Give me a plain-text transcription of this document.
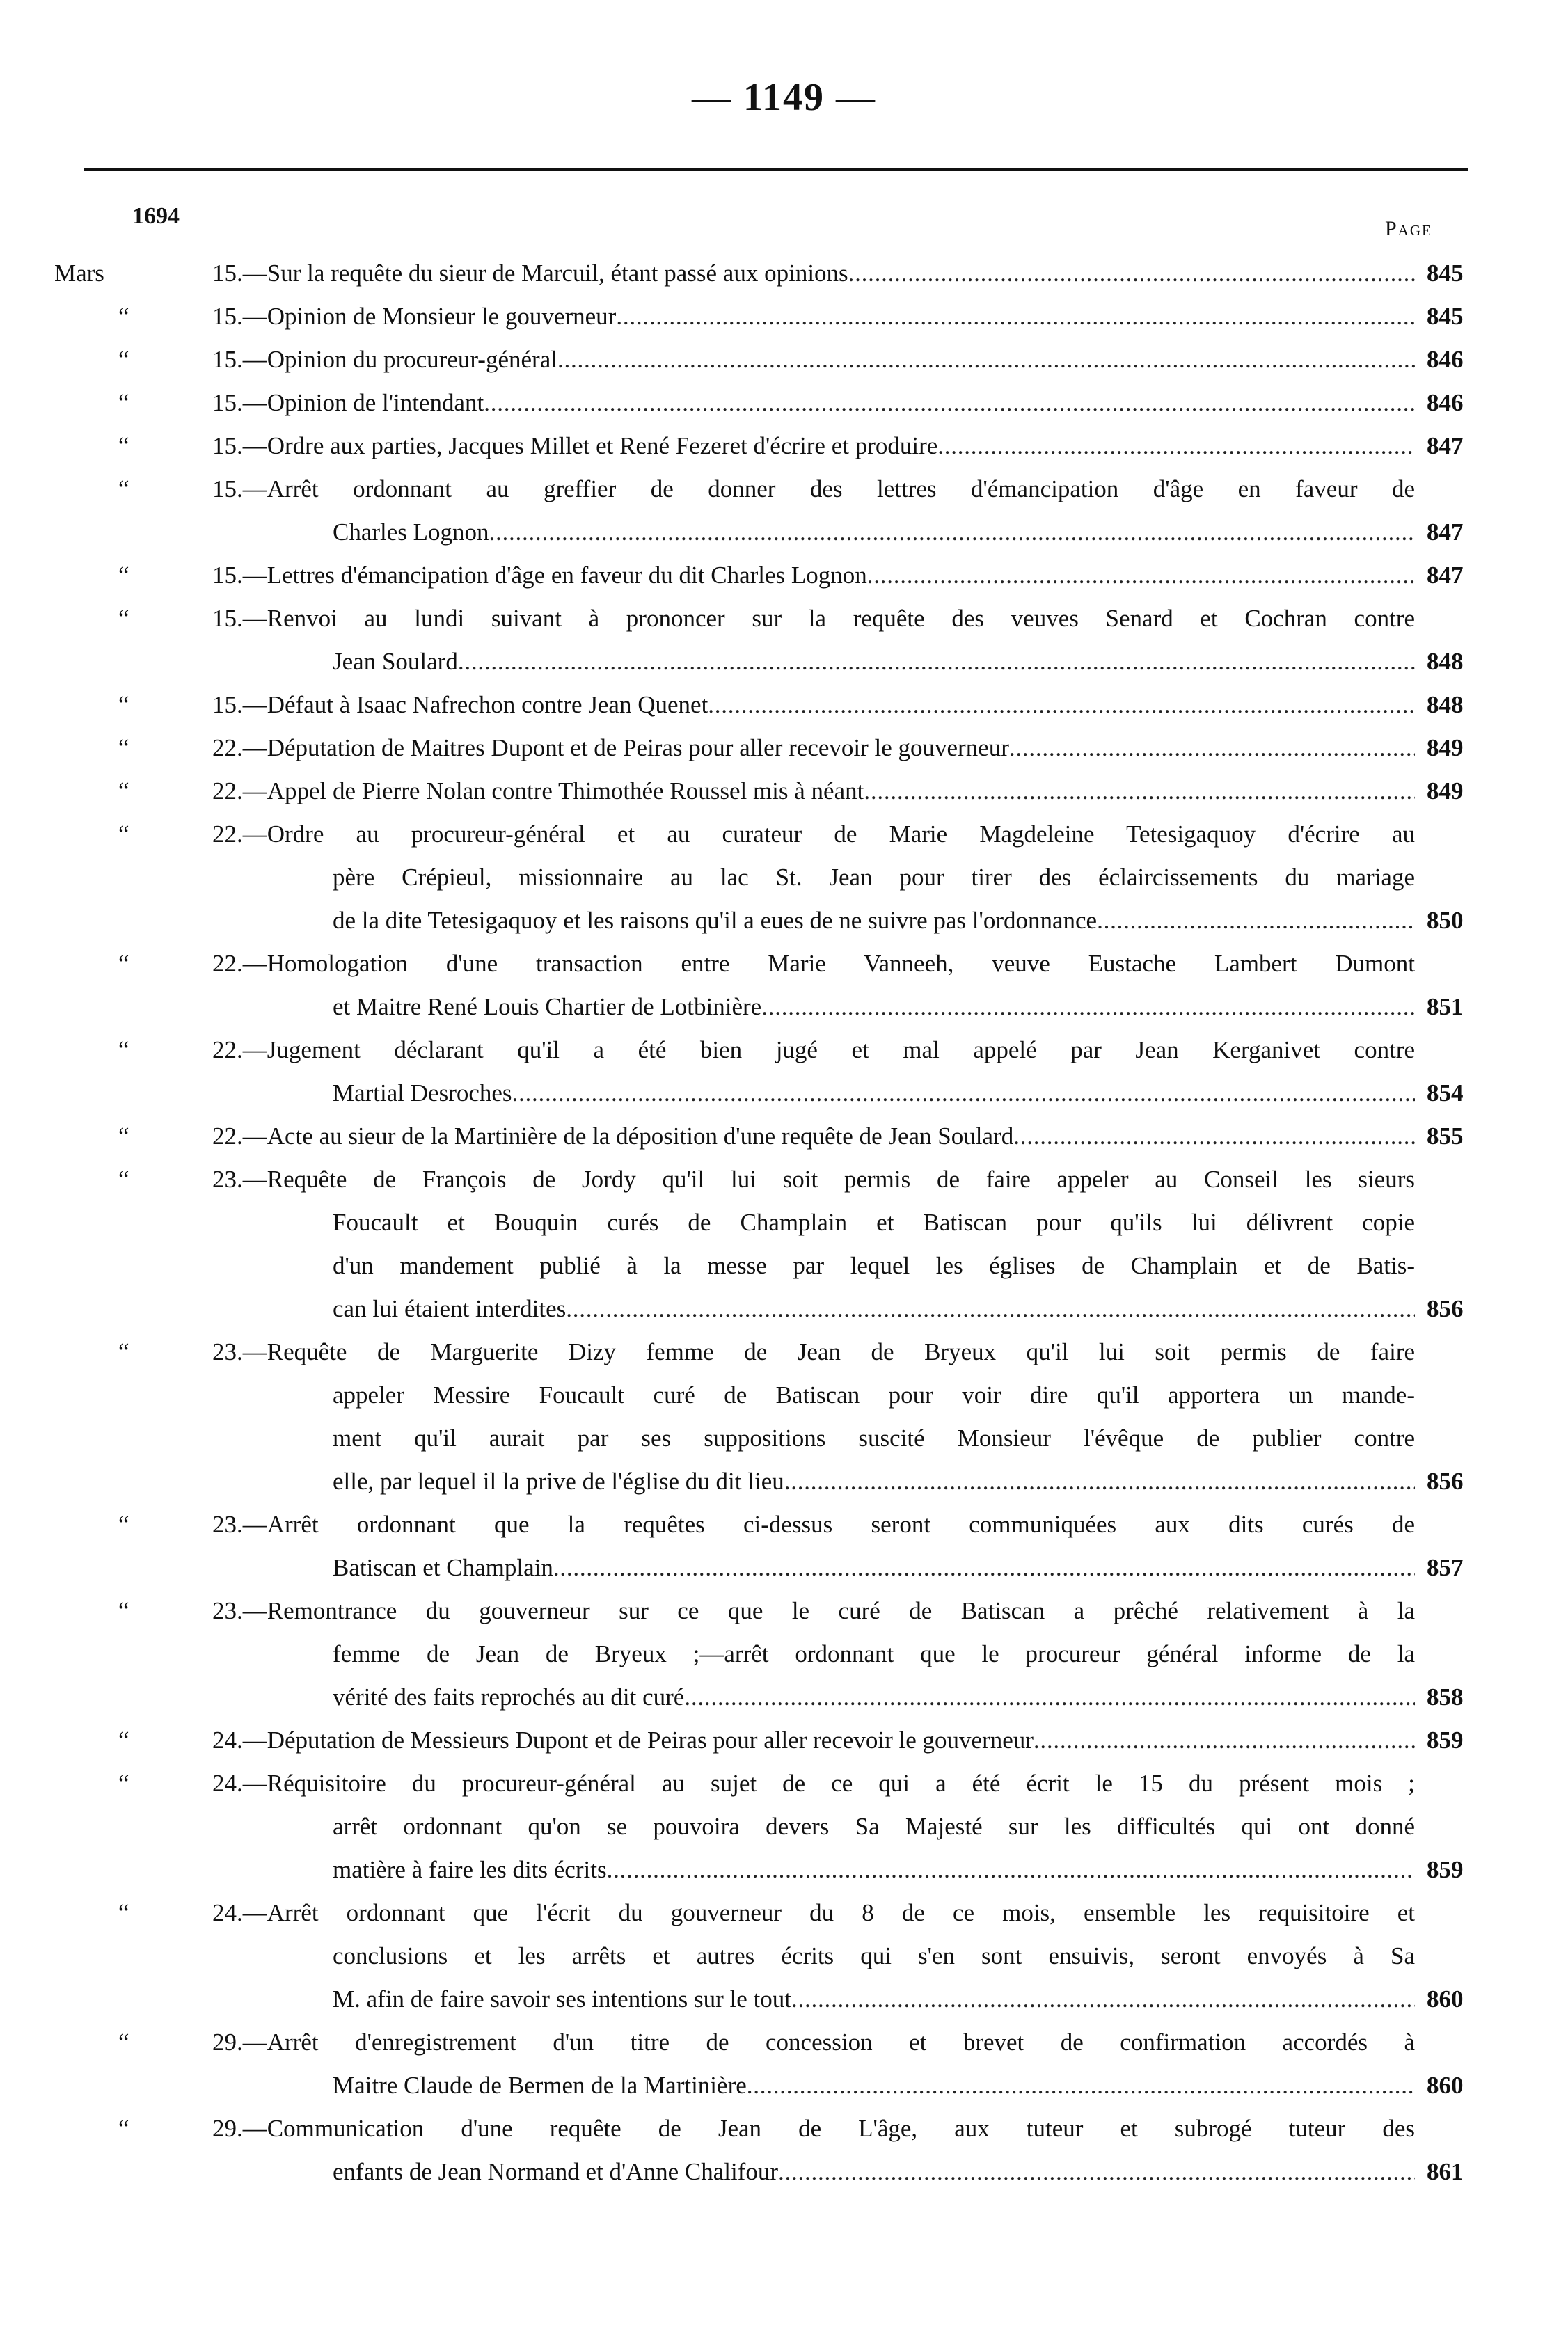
— 1149 —
1694	Page
Mars	15.—Sur la requête du sieur de Marcuil, étant passé aux opinions . . .	845
“	15.—Opinion de Monsieur le gouverneur . . .	845
“	15.—Opinion du procureur-général . . .	846
“	15.—Opinion de l'intendant . . .	846
“	15.—Ordre aux parties, Jacques Millet et René Fezeret d'écrire et produire . . .	847
“	15.—Arrêt ordonnant au greffier de donner des lettres d'émancipation d'âge en faveur de
Charles Lognon . . .	847
“	15.—Lettres d'émancipation d'âge en faveur du dit Charles Lognon . . .	847
“	15.—Renvoi au lundi suivant à prononcer sur la requête des veuves Senard et Cochran contre
Jean Soulard . . .	848
“	15.—Défaut à Isaac Nafrechon contre Jean Quenet . . .	848
“	22.—Députation de Maitres Dupont et de Peiras pour aller recevoir le gouverneur . . .	849
“	22.—Appel de Pierre Nolan contre Thimothée Roussel mis à néant . . .	849
“	22.—Ordre au procureur-général et au curateur de Marie Magdeleine Tetesigaquoy d'écrire au
père Crépieul, missionnaire au lac St. Jean pour tirer des éclaircissements du mariage
de la dite Tetesigaquoy et les raisons qu'il a eues de ne suivre pas l'ordonnance . . .	850
“	22.—Homologation d'une transaction entre Marie Vanneeh, veuve Eustache Lambert Dumont
et Maitre René Louis Chartier de Lotbinière . . .	851
“	22.—Jugement déclarant qu'il a été bien jugé et mal appelé par Jean Kerganivet contre
Martial Desroches . . .	854
“	22.—Acte au sieur de la Martinière de la déposition d'une requête de Jean Soulard . . .	855
“	23.—Requête de François de Jordy qu'il lui soit permis de faire appeler au Conseil les sieurs
Foucault et Bouquin curés de Champlain et Batiscan pour qu'ils lui délivrent copie
d'un mandement publié à la messe par lequel les églises de Champlain et de Batis-
can lui étaient interdites . . .	856
“	23.—Requête de Marguerite Dizy femme de Jean de Bryeux qu'il lui soit permis de faire
appeler Messire Foucault curé de Batiscan pour voir dire qu'il apportera un mande-
ment qu'il aurait par ses suppositions suscité Monsieur l'évêque de publier contre
elle, par lequel il la prive de l'église du dit lieu . . .	856
“	23.—Arrêt ordonnant que la requêtes ci-dessus seront communiquées aux dits curés de
Batiscan et Champlain . . .	857
“	23.—Remontrance du gouverneur sur ce que le curé de Batiscan a prêché relativement à la
femme de Jean de Bryeux ;—arrêt ordonnant que le procureur général informe de la
vérité des faits reprochés au dit curé . . .	858
“	24.—Députation de Messieurs Dupont et de Peiras pour aller recevoir le gouverneur . . .	859
“	24.—Réquisitoire du procureur-général au sujet de ce qui a été écrit le 15 du présent mois ;
arrêt ordonnant qu'on se pouvoira devers Sa Majesté sur les difficultés qui ont donné
matière à faire les dits écrits . . .	859
“	24.—Arrêt ordonnant que l'écrit du gouverneur du 8 de ce mois, ensemble les requisitoire et
conclusions et les arrêts et autres écrits qui s'en sont ensuivis, seront envoyés à Sa
M. afin de faire savoir ses intentions sur le tout . . .	860
“	29.—Arrêt d'enregistrement d'un titre de concession et brevet de confirmation accordés à
Maitre Claude de Bermen de la Martinière . . .	860
“	29.—Communication d'une requête de Jean de L'âge, aux tuteur et subrogé tuteur des
enfants de Jean Normand et d'Anne Chalifour . . .	861
